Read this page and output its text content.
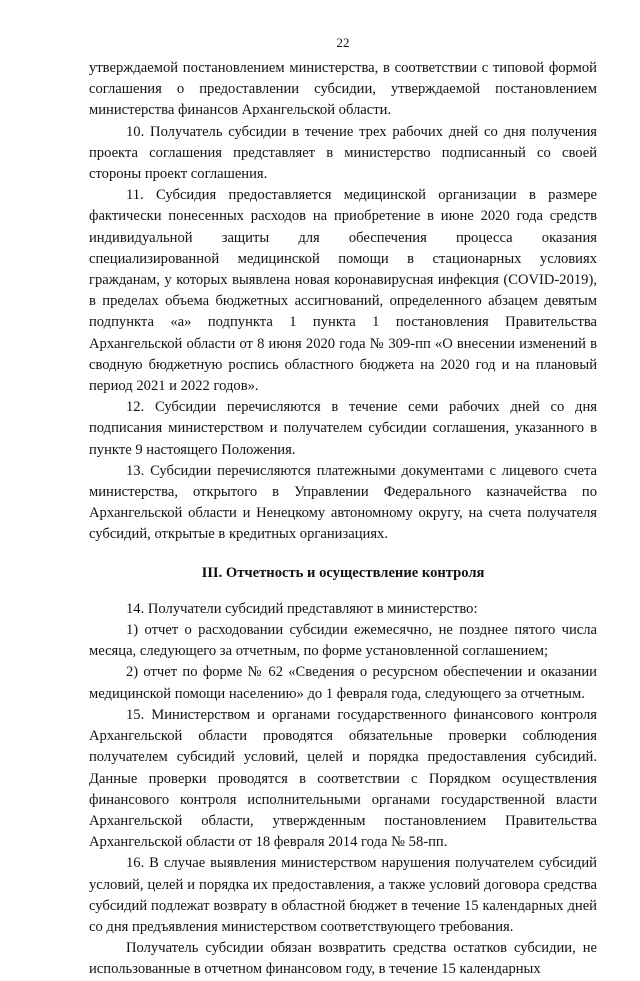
22

утверждаемой постановлением министерства, в соответствии с типовой формой соглашения о предоставлении субсидии, утверждаемой постановлением министерства финансов Архангельской области.

10. Получатель субсидии в течение трех рабочих дней со дня получения проекта соглашения представляет в министерство подписанный со своей стороны проект соглашения.

11. Субсидия предоставляется медицинской организации в размере фактически понесенных расходов на приобретение в июне 2020 года средств индивидуальной защиты для обеспечения процесса оказания специализированной медицинской помощи в стационарных условиях гражданам, у которых выявлена новая коронавирусная инфекция (COVID-2019), в пределах объема бюджетных ассигнований, определенного абзацем девятым подпункта «а» подпункта 1 пункта 1 постановления Правительства Архангельской области от 8 июня 2020 года № 309-пп «О внесении изменений в сводную бюджетную роспись областного бюджета на 2020 год и на плановый период 2021 и 2022 годов».

12. Субсидии перечисляются в течение семи рабочих дней со дня подписания министерством и получателем субсидии соглашения, указанного в пункте 9 настоящего Положения.

13. Субсидии перечисляются платежными документами с лицевого счета министерства, открытого в Управлении Федерального казначейства по Архангельской области и Ненецкому автономному округу, на счета получателя субсидий, открытые в кредитных организациях.

III. Отчетность и осуществление контроля

14. Получатели субсидий представляют в министерство:

1) отчет о расходовании субсидии ежемесячно, не позднее пятого числа месяца, следующего за отчетным, по форме установленной соглашением;

2) отчет по форме № 62 «Сведения о ресурсном обеспечении и оказании медицинской помощи населению» до 1 февраля года, следующего за отчетным.

15. Министерством и органами государственного финансового контроля Архангельской области проводятся обязательные проверки соблюдения получателем субсидий условий, целей и порядка предоставления субсидий. Данные проверки проводятся в соответствии с Порядком осуществления финансового контроля исполнительными органами государственной власти Архангельской области, утвержденным постановлением Правительства Архангельской области от 18 февраля 2014 года № 58-пп.

16. В случае выявления министерством нарушения получателем субсидий условий, целей и порядка их предоставления, а также условий договора средства субсидий подлежат возврату в областной бюджет в течение 15 календарных дней со дня предъявления министерством соответствующего требования.

Получатель субсидии обязан возвратить средства остатков субсидии, не использованные в отчетном финансовом году, в течение 15 календарных
